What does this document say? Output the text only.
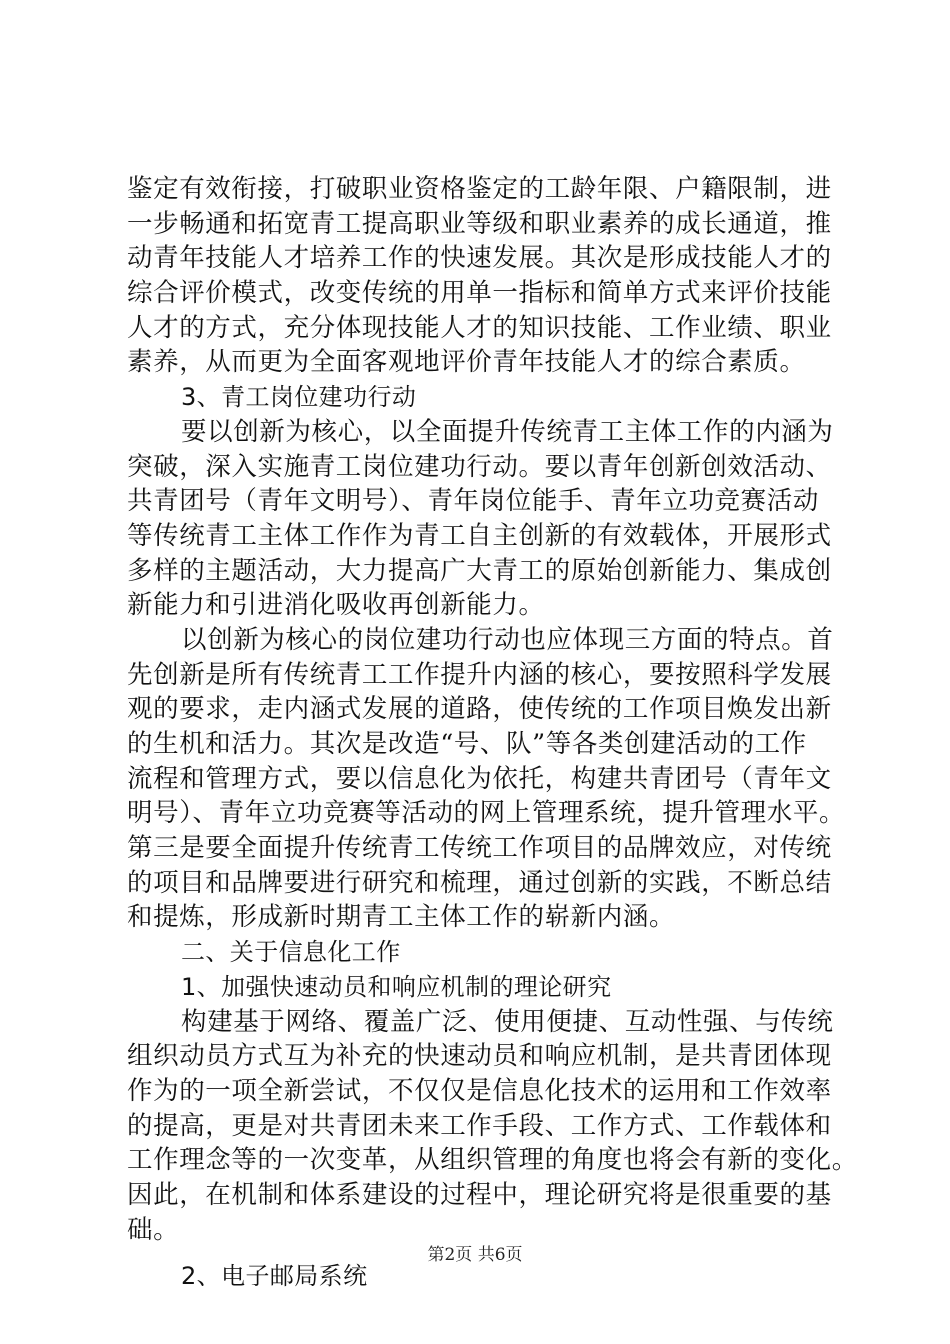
鉴定有效衔接，打破职业资格鉴定的工龄年限、户籍限制，进
一步畅通和拓宽青工提高职业等级和职业素养的成长通道，推
动青年技能人才培养工作的快速发展。其次是形成技能人才的
综合评价模式，改变传统的用单一指标和简单方式来评价技能
人才的方式，充分体现技能人才的知识技能、工作业绩、职业
素养，从而更为全面客观地评价青年技能人才的综合素质。
3、青工岗位建功行动
要以创新为核心，以全面提升传统青工主体工作的内涵为
突破，深入实施青工岗位建功行动。要以青年创新创效活动、
共青团号（青年文明号）、青年岗位能手、青年立功竞赛活动
等传统青工主体工作作为青工自主创新的有效载体，开展形式
多样的主题活动，大力提高广大青工的原始创新能力、集成创
新能力和引进消化吸收再创新能力。
以创新为核心的岗位建功行动也应体现三方面的特点。首
先创新是所有传统青工工作提升内涵的核心，要按照科学发展
观的要求，走内涵式发展的道路，使传统的工作项目焕发出新
的生机和活力。其次是改造“号、队”等各类创建活动的工作
流程和管理方式，要以信息化为依托，构建共青团号（青年文
明号）、青年立功竞赛等活动的网上管理系统，提升管理水平。
第三是要全面提升传统青工传统工作项目的品牌效应，对传统
的项目和品牌要进行研究和梳理，通过创新的实践，不断总结
和提炼，形成新时期青工主体工作的崭新内涵。
二、关于信息化工作
1、加强快速动员和响应机制的理论研究
构建基于网络、覆盖广泛、使用便捷、互动性强、与传统
组织动员方式互为补充的快速动员和响应机制，是共青团体现
作为的一项全新尝试，不仅仅是信息化技术的运用和工作效率
的提高，更是对共青团未来工作手段、工作方式、工作载体和
工作理念等的一次变革，从组织管理的角度也将会有新的变化。
因此，在机制和体系建设的过程中，理论研究将是很重要的基
础。
2、电子邮局系统
第2页 共6页
